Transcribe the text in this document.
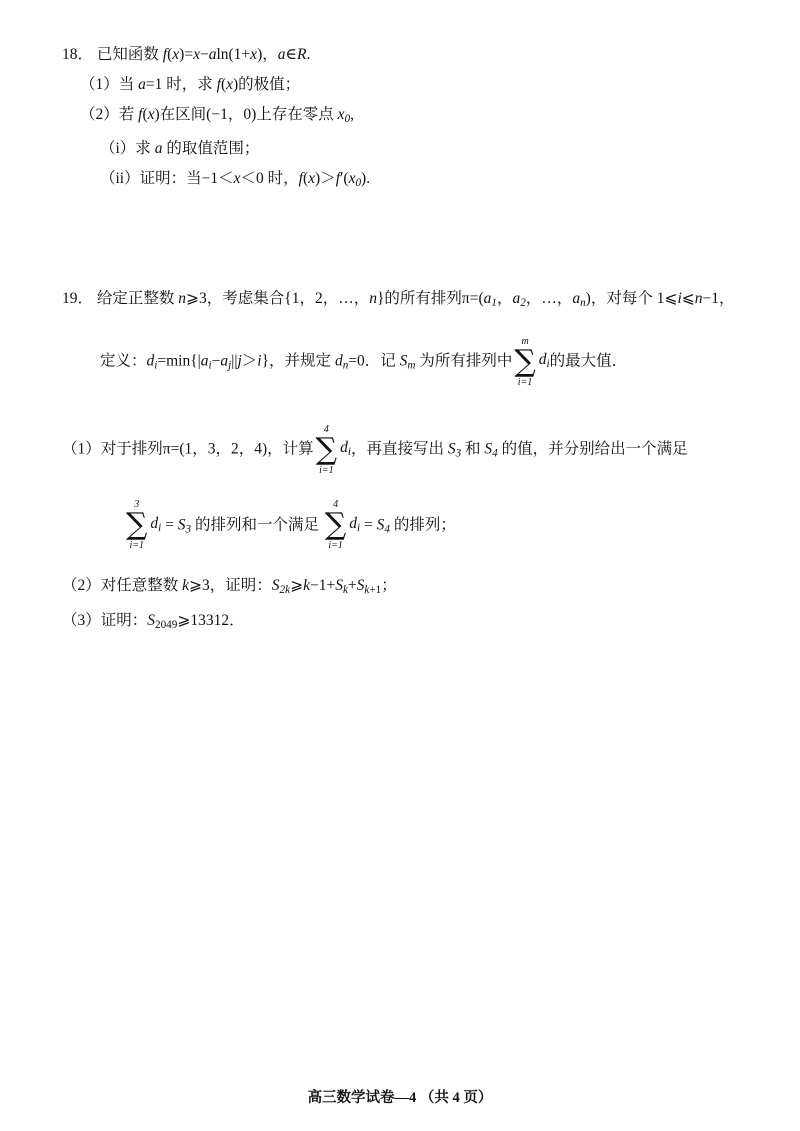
18． 已知函数 f(x)=x−aln(1+x)，a∈R.
（1）当 a=1 时，求 f(x)的极值；
（2）若 f(x)在区间(−1，0)上存在零点 $x_0$,
（i）求 a 的取值范围；
（ii）证明：当−1＜x＜0 时，$f(x)>f'(x_0)$.
19． 给定正整数 n⩾3，考虑集合{1，2，…，n}的所有排列$\pi=(a_1$，$a_2$，…，$a_n$)，对每个 1⩽i⩽n−1，
定义：$d_i=\min\{|a_i-a_j||j>i\}$，并规定 $d_n=0$．记 $S_m$ 为所有排列中
m
∑
i=1
$d_i$ 的最大值．
（1）对于排列π=(1，3，2，4)，计算
4
∑
i=1
$d_i$ ，再直接写出 $S_3$ 和 $S_4$ 的值，并分别给出一个满足
3
∑
i=1
$d_i = S_3$ 的排列和一个满足
4
∑
i=1
$d_i = S_4$ 的排列；
（2）对任意整数 k⩾3，证明：$S_{2k}⩾k-1+S_k+S_{k+1}$；
（3）证明：$S_{2049}⩾13312$．
高三数学试卷—4 （共 4 页）
